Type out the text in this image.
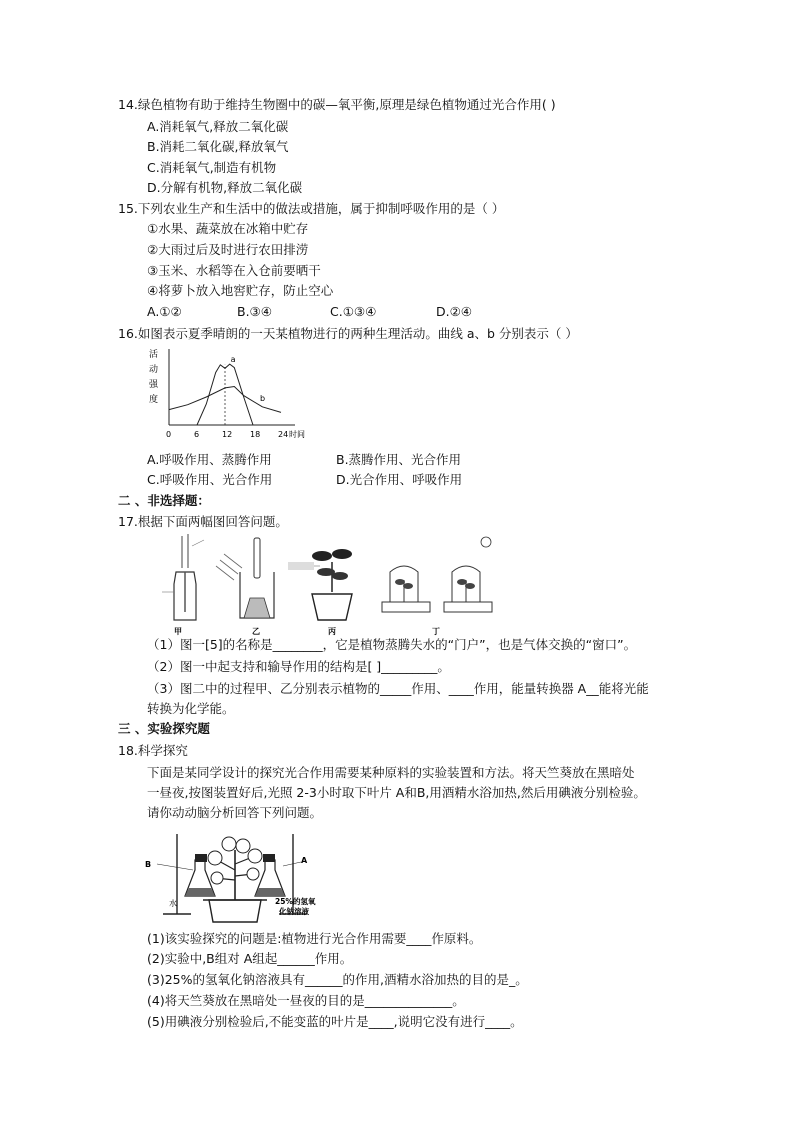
14.绿色植物有助于维持生物圈中的碳—氧平衡,原理是绿色植物通过光合作用( )
A.消耗氧气,释放二氧化碳
B.消耗二氧化碳,释放氧气
C.消耗氧气,制造有机物
D.分解有机物,释放二氧化碳
15.下列农业生产和生活中的做法或措施，属于抑制呼吸作用的是（ ）
①水果、蔬菜放在冰箱中贮存
②大雨过后及时进行农田排涝
③玉米、水稻等在入仓前要晒干
④将萝卜放入地窖贮存，防止空心
A.①②	B.③④	C.①③④	D.②④
16.如图表示夏季晴朗的一天某植物进行的两种生理活动。曲线 a、b 分别表示（ ）
活
动
强
度
0	6	12 18 24 时间
a
b
A.呼吸作用、蒸腾作用	B.蒸腾作用、光合作用
C.呼吸作用、光合作用	D.光合作用、呼吸作用
二 、非选择题：
17.根据下面两幅图回答问题。
甲	乙	丙	丁
（1）图一[5]的名称是________，它是植物蒸腾失水的“门户”，也是气体交换的“窗口”。
（2）图一中起支持和输导作用的结构是[ ]_________。
（3）图二中的过程甲、乙分别表示植物的_____作用、____作用，能量转换器 A__能将光能
转换为化学能。
三 、实验探究题
18.科学探究
下面是某同学设计的探究光合作用需要某种原料的实验装置和方法。将天竺葵放在黑暗处
一昼夜,按图装置好后,光照 2-3小时取下叶片 A和B,用酒精水浴加热,然后用碘液分别检验。
请你动动脑分析回答下列问题。
B	A
水	25%的氢氧
化钠溶液
(1)该实验探究的问题是:植物进行光合作用需要____作原料。
(2)实验中,B组对 A组起______作用。
(3)25%的氢氧化钠溶液具有______的作用,酒精水浴加热的目的是_。
(4)将天竺葵放在黑暗处一昼夜的目的是______________。
(5)用碘液分别检验后,不能变蓝的叶片是____,说明它没有进行____。
